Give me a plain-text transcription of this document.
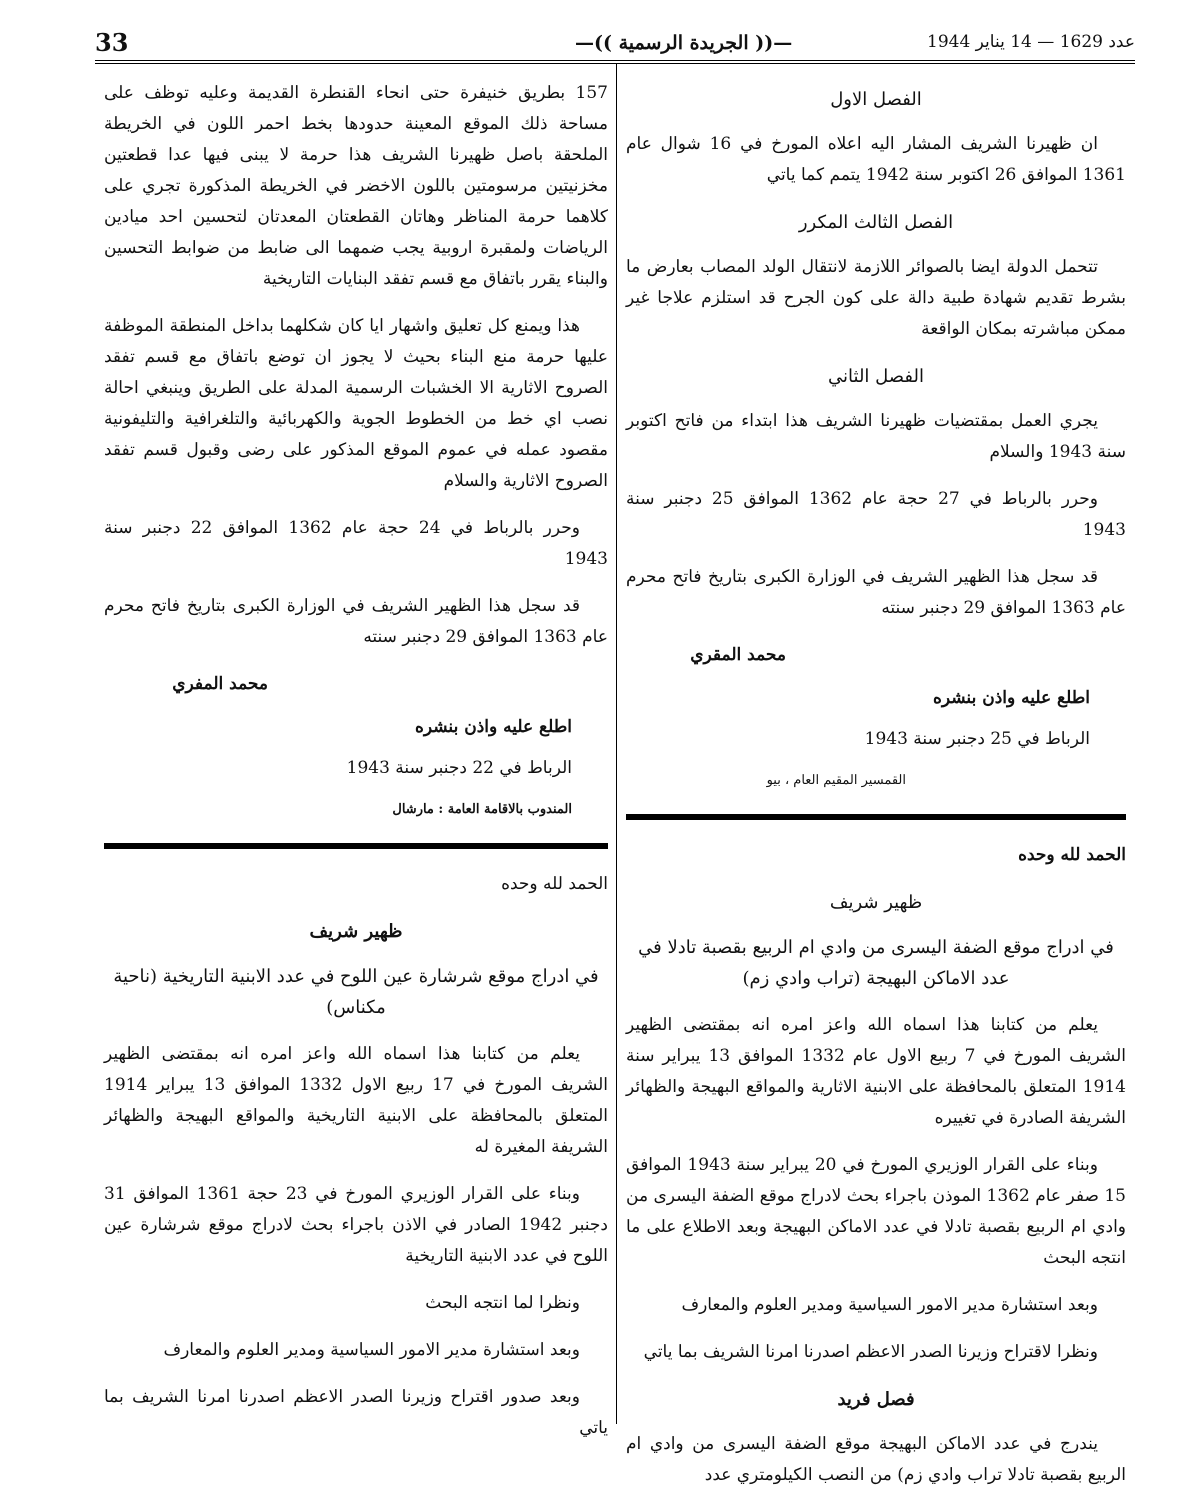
33	—(( الجريدة الرسمية ))—	عدد 1629 — 14 يناير 1944

الفصل الاول

ان ظهيرنا الشريف المشار اليه اعلاه المورخ في 16 شوال عام 1361 الموافق 26 اكتوبر سنة 1942 يتمم كما ياتي

الفصل الثالث المكرر

تتحمل الدولة ايضا بالصوائر اللازمة لانتقال الولد المصاب بعارض ما بشرط تقديم شهادة طبية دالة على كون الجرح قد استلزم علاجا غير ممكن مباشرته بمكان الواقعة

الفصل الثاني

يجري العمل بمقتضيات ظهيرنا الشريف هذا ابتداء من فاتح اكتوبر سنة 1943 والسلام

وحرر بالرباط في 27 حجة عام 1362 الموافق 25 دجنبر سنة 1943

قد سجل هذا الظهير الشريف في الوزارة الكبرى بتاريخ فاتح محرم عام 1363 الموافق 29 دجنبر سنته

محمد المقري

اطلع عليه واذن بنشره

الرباط في 25 دجنبر سنة 1943

القمسير المقيم العام ، بيو

الحمد لله وحده

ظهير شريف

في ادراج موقع الضفة اليسرى من وادي ام الربيع بقصبة تادلا في عدد الاماكن البهيجة (تراب وادي زم)

يعلم من كتابنا هذا اسماه الله واعز امره انه بمقتضى الظهير الشريف المورخ في 7 ربيع الاول عام 1332 الموافق 13 يبراير سنة 1914 المتعلق بالمحافظة على الابنية الاثارية والمواقع البهيجة والظهائر الشريفة الصادرة في تغييره

وبناء على القرار الوزيري المورخ في 20 يبراير سنة 1943 الموافق 15 صفر عام 1362 الموذن باجراء بحث لادراج موقع الضفة اليسرى من وادي ام الربيع بقصبة تادلا في عدد الاماكن البهيجة وبعد الاطلاع على ما انتجه البحث

وبعد استشارة مدير الامور السياسية ومدير العلوم والمعارف

ونظرا لاقتراح وزيرنا الصدر الاعظم اصدرنا امرنا الشريف بما ياتي

فصل فريد

يندرج في عدد الاماكن البهيجة موقع الضفة اليسرى من وادي ام الربيع بقصبة تادلا تراب وادي زم) من النصب الكيلومتري عدد

157 بطريق خنيفرة حتى انحاء القنطرة القديمة وعليه توظف على مساحة ذلك الموقع المعينة حدودها بخط احمر اللون في الخريطة الملحقة باصل ظهيرنا الشريف هذا حرمة لا يبنى فيها عدا قطعتين مخزنيتين مرسومتين باللون الاخضر في الخريطة المذكورة تجري على كلاهما حرمة المناظر وهاتان القطعتان المعدتان لتحسين احد ميادين الرياضات ولمقبرة اروبية يجب ضمهما الى ضابط من ضوابط التحسين والبناء يقرر باتفاق مع قسم تفقد البنايات التاريخية

هذا ويمنع كل تعليق واشهار ايا كان شكلهما بداخل المنطقة الموظفة عليها حرمة منع البناء بحيث لا يجوز ان توضع باتفاق مع قسم تفقد الصروح الاثارية الا الخشبات الرسمية المدلة على الطريق وينبغي احالة نصب اي خط من الخطوط الجوية والكهربائية والتلغرافية والتليفونية مقصود عمله في عموم الموقع المذكور على رضى وقبول قسم تفقد الصروح الاثارية والسلام

وحرر بالرباط في 24 حجة عام 1362 الموافق 22 دجنبر سنة 1943

قد سجل هذا الظهير الشريف في الوزارة الكبرى بتاريخ فاتح محرم عام 1363 الموافق 29 دجنبر سنته

محمد المفري

اطلع عليه واذن بنشره

الرباط في 22 دجنبر سنة 1943

المندوب بالاقامة العامة : مارشال

الحمد لله وحده

ظهير شريف

في ادراج موقع شرشارة عين اللوح في عدد الابنية التاريخية (ناحية مكناس)

يعلم من كتابنا هذا اسماه الله واعز امره انه بمقتضى الظهير الشريف المورخ في 17 ربيع الاول 1332 الموافق 13 يبراير 1914 المتعلق بالمحافظة على الابنية التاريخية والمواقع البهيجة والظهائر الشريفة المغيرة له

وبناء على القرار الوزيري المورخ في 23 حجة 1361 الموافق 31 دجنبر 1942 الصادر في الاذن باجراء بحث لادراج موقع شرشارة عين اللوح في عدد الابنية التاريخية

ونظرا لما انتجه البحث

وبعد استشارة مدير الامور السياسية ومدير العلوم والمعارف

وبعد صدور اقتراح وزيرنا الصدر الاعظم اصدرنا امرنا الشريف بما ياتي
